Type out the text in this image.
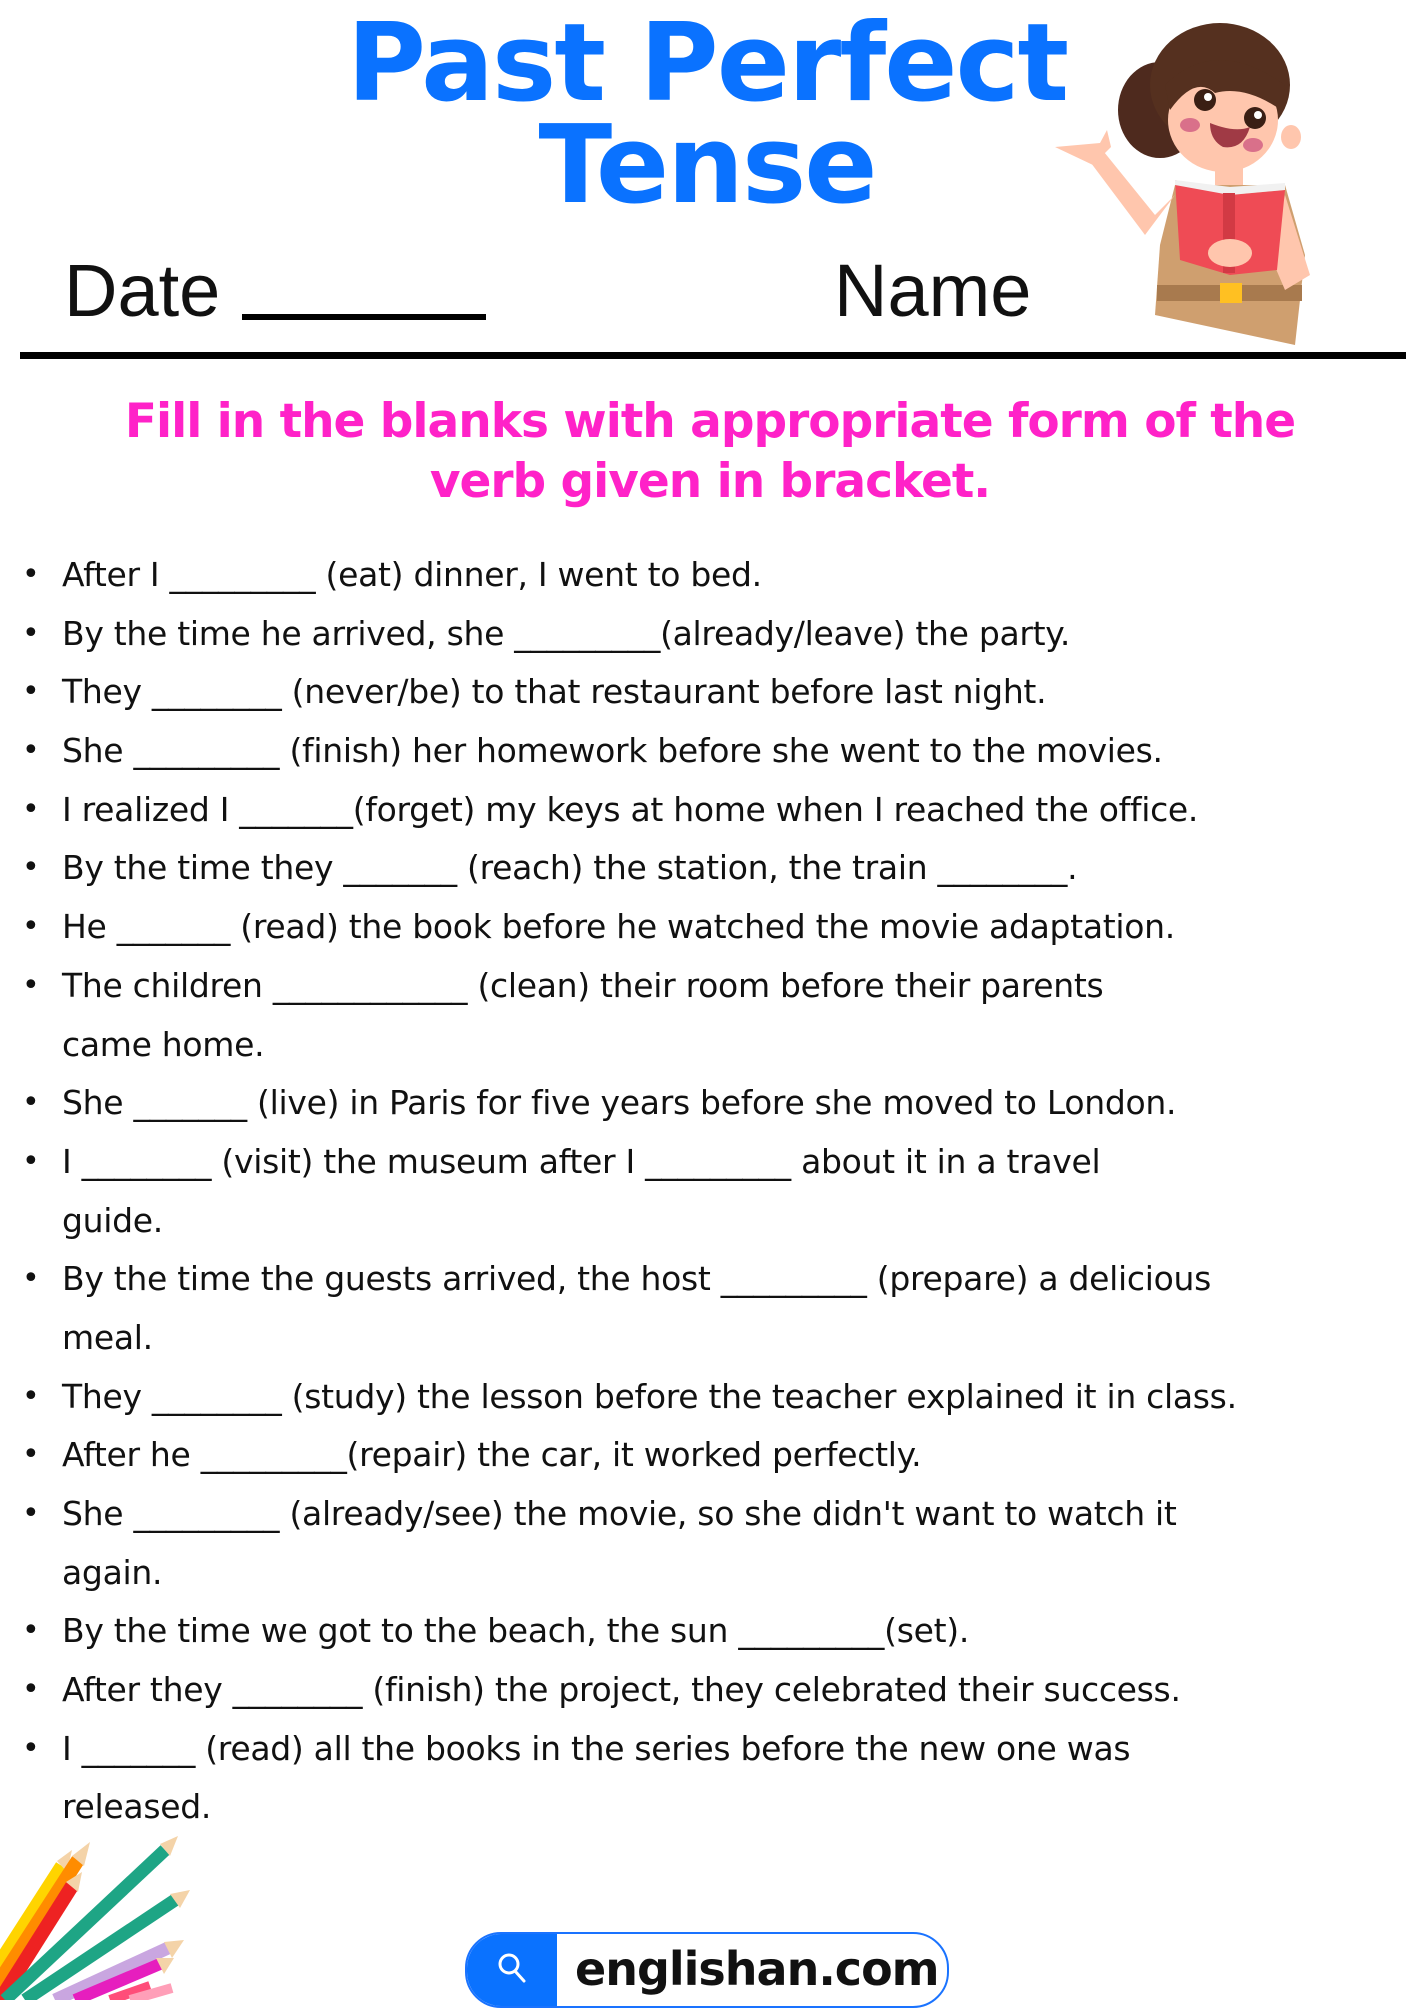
Past Perfect
Tense
Date	Name
Fill in the blanks with appropriate form of the
verb given in bracket.
• After I _________ (eat) dinner, I went to bed.
• By the time he arrived, she _________(already/leave) the party.
• They ________ (never/be) to that restaurant before last night.
• She _________ (finish) her homework before she went to the movies.
• I realized I _______(forget) my keys at home when I reached the office.
• By the time they _______ (reach) the station, the train ________.
• He _______ (read) the book before he watched the movie adaptation.
• The children ____________ (clean) their room before their parents
came home.
• She _______ (live) in Paris for five years before she moved to London.
• I ________ (visit) the museum after I _________ about it in a travel
guide.
• By the time the guests arrived, the host _________ (prepare) a delicious
meal.
• They ________ (study) the lesson before the teacher explained it in class.
• After he _________(repair) the car, it worked perfectly.
• She _________ (already/see) the movie, so she didn't want to watch it
again.
• By the time we got to the beach, the sun _________(set).
• After they ________ (finish) the project, they celebrated their success.
• I _______ (read) all the books in the series before the new one was
released.
englishan.com
